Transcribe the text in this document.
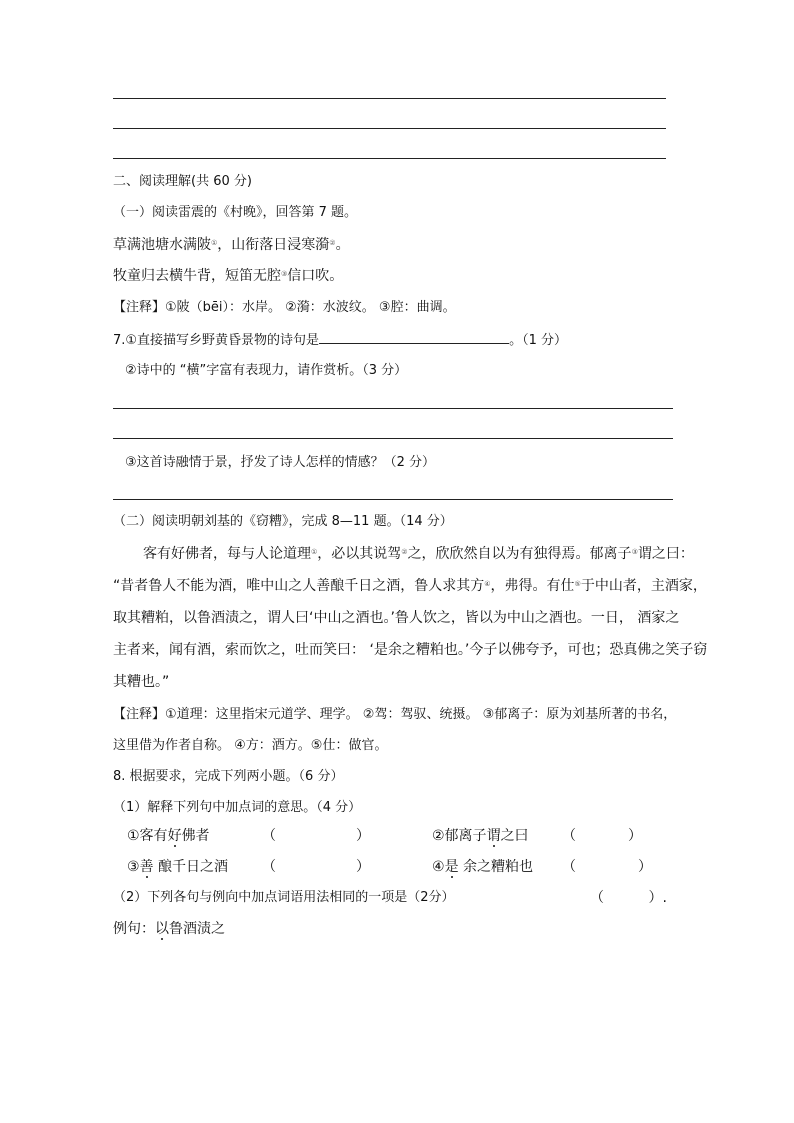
二、阅读理解(共 60 分)
（一）阅读雷震的《村晚》，回答第 7 题。
草满池塘水满陂①，山衔落日浸寒漪②。
牧童归去横牛背，短笛无腔③信口吹。
【注释】①陂（bēi）：水岸。 ②漪：水波纹。 ③腔：曲调。
7.①直接描写乡野黄昏景物的诗句是	。（1 分）
②诗中的 “横”字富有表现力，请作赏析。（3 分）
③这首诗融情于景，抒发了诗人怎样的情感？（2 分）
（二）阅读明朝刘基的《窃糟》，完成 8—11 题。（14 分）
客有好佛者，每与人论道理①，必以其说驾②之，欣欣然自以为有独得焉。郁离子③谓之曰：
“昔者鲁人不能为酒，唯中山之人善酿千日之酒，鲁人求其方④，弗得。有仕⑤于中山者，主酒家，
取其糟粕，以鲁酒渍之，谓人曰‘中山之酒也。’鲁人饮之，皆以为中山之酒也。一日， 酒家之
主者来，闻有酒，索而饮之，吐而笑曰： ‘是余之糟粕也。’今子以佛夸予，可也；恐真佛之笑子窃
其糟也。”
【注释】①道理：这里指宋元道学、理学。 ②驾：驾驭、统摄。 ③郁离子：原为刘基所著的书名，
这里借为作者自称。 ④方：酒方。⑤仕：做官。
8. 根据要求，完成下列两小题。（6 分）
（1）解释下列句中加点词的意思。（4 分）
①客有好佛者	（	）	②郁离子谓之曰 （	）
③善 酿千日之酒 （	）	④是 余之糟粕也 （	）
（2）下列各句与例向中加点词语用法相同的一项是（2分）	（          ）.
例句：以鲁酒渍之
